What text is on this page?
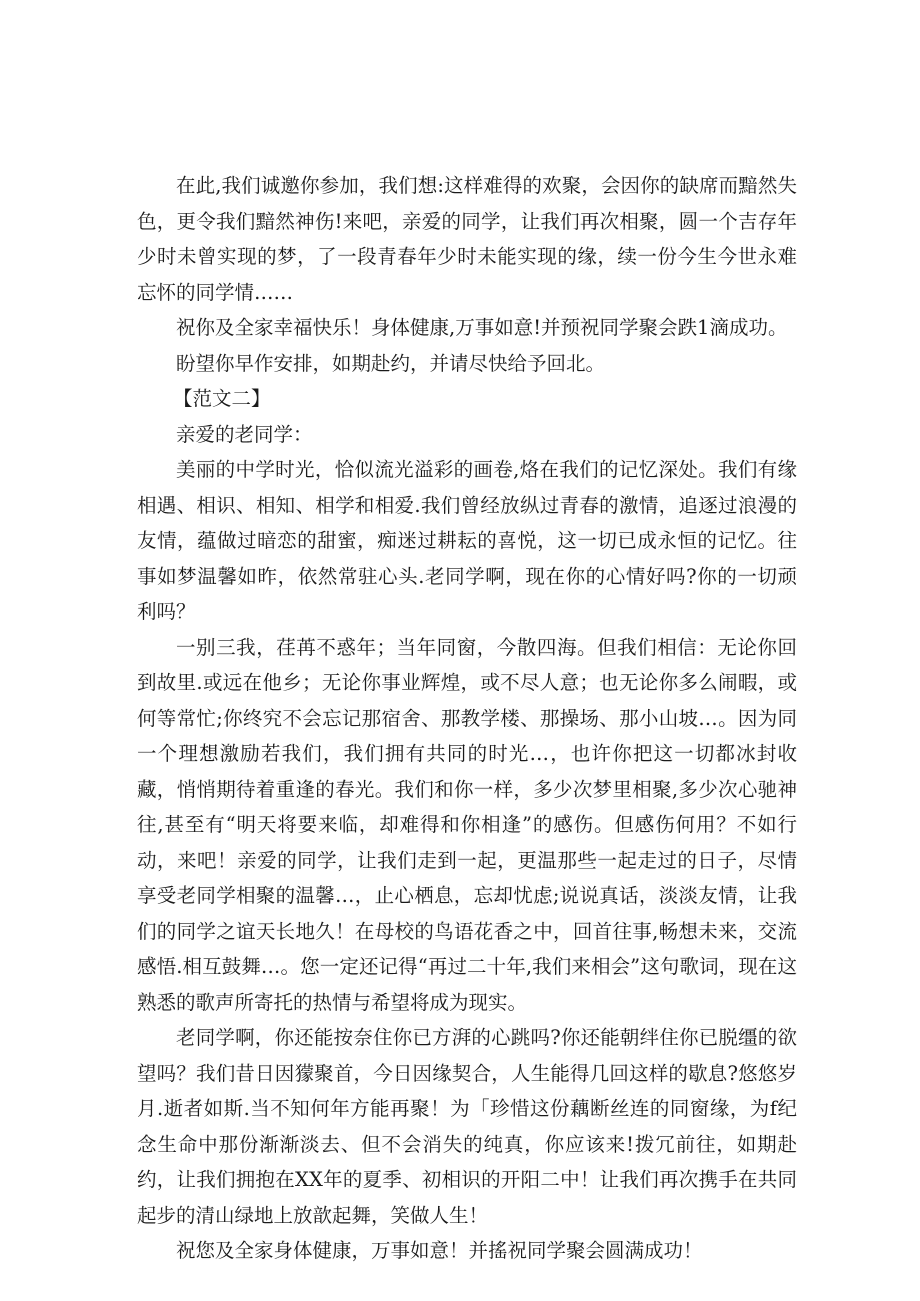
在此,我们诚邀你参加，我们想:这样难得的欢聚，会因你的缺席而黯然失色，更令我们黯然神伤!来吧，亲爱的同学，让我们再次相聚，圆一个吉存年少时未曾实现的梦，了一段青春年少时未能实现的缘，续一份今生今世永难忘怀的同学情……

祝你及全家幸福快乐！身体健康,万事如意!并预祝同学聚会跌1滴成功。

盼望你早作安排，如期赴约，并请尽快给予回北。

【范文二】

亲爱的老同学：

美丽的中学时光，恰似流光溢彩的画卷,烙在我们的记忆深处。我们有缘相遇、相识、相知、相学和相爱.我们曾经放纵过青春的激情，追逐过浪漫的友情，蕴做过暗恋的甜蜜，痴迷过耕耘的喜悦，这一切已成永恒的记忆。往事如梦温馨如昨，依然常驻心头.老同学啊，现在你的心情好吗?你的一切顽利吗？

一别三我，荏苒不惑年；当年同窗，今散四海。但我们相信：无论你回到故里.或远在他乡；无论你事业辉煌，或不尽人意；也无论你多么闹暇，或何等常忙;你终究不会忘记那宿舍、那教学楼、那操场、那小山坡…。因为同一个理想激励若我们，我们拥有共同的时光…，也许你把这一切都冰封收藏，悄悄期待着重逢的春光。我们和你一样，多少次梦里相聚,多少次心驰神往,甚至有“明天将要来临，却难得和你相逢”的感伤。但感伤何用？不如行动，来吧！亲爱的同学，让我们走到一起，更温那些一起走过的日子，尽情享受老同学相聚的温馨…，止心栖息，忘却忧虑;说说真话，淡淡友情，让我们的同学之谊天长地久！在母校的鸟语花香之中，回首往事,畅想未来，交流感悟.相互鼓舞…。您一定还记得“再过二十年,我们来相会”这句歌词，现在这熟悉的歌声所寄托的热情与希望将成为现实。

老同学啊，你还能按奈住你已方湃的心跳吗?你还能朝绊住你已脱缰的欲望吗？我们昔日因獴聚首，今日因缘契合，人生能得几回这样的歇息?悠悠岁月.逝者如斯.当不知何年方能再聚！为「珍惜这份藕断丝连的同窗缘，为f纪念生命中那份渐渐淡去、但不会消失的纯真，你应该来!拨冗前往，如期赴约，让我们拥抱在XX年的夏季、初相识的开阳二中！让我们再次携手在共同起步的清山绿地上放歆起舞，笑做人生！

祝您及全家身体健康，万事如意！并搖祝同学聚会圆满成功！
